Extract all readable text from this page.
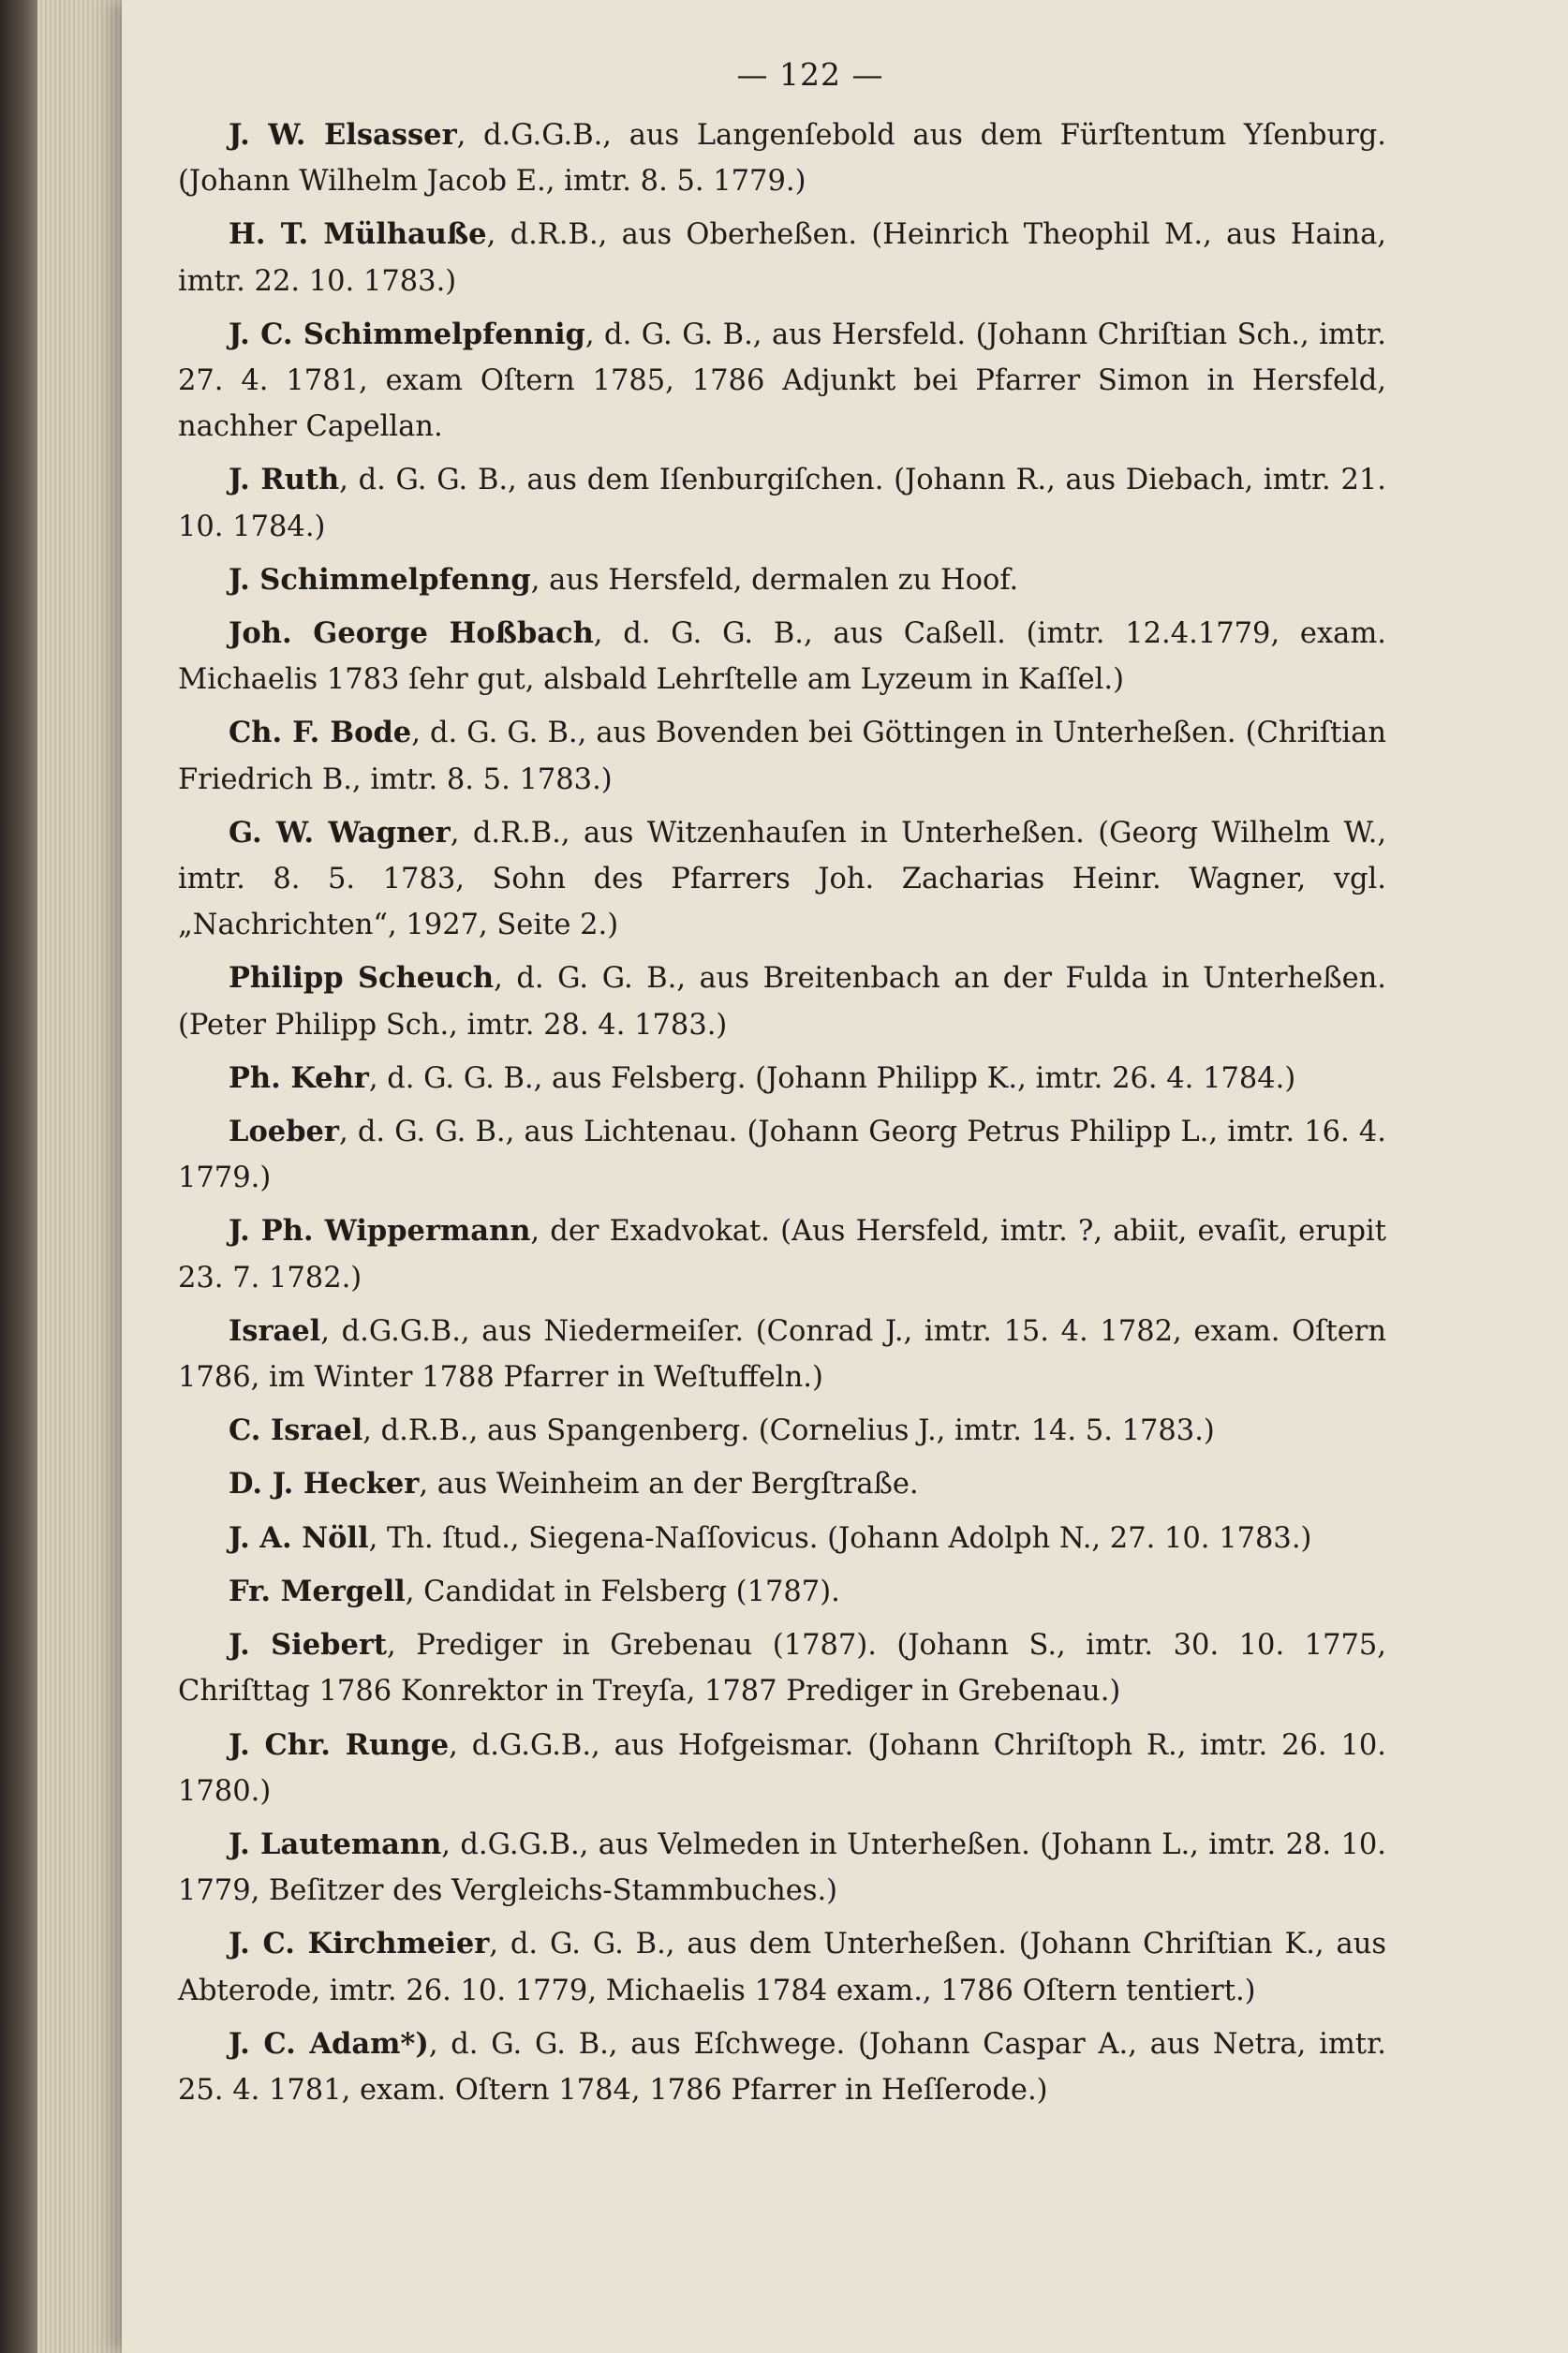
— 122 —

J. W. Elsasser, d.G.G.B., aus Langenſebold aus dem Fürſtentum Yſenburg. (Johann Wilhelm Jacob E., imtr. 8. 5. 1779.)

H. T. Mülhauße, d.R.B., aus Oberheßen. (Heinrich Theophil M., aus Haina, imtr. 22. 10. 1783.)

J. C. Schimmelpfennig, d. G. G. B., aus Hersfeld. (Johann Chriſtian Sch., imtr. 27. 4. 1781, exam Oſtern 1785, 1786 Adjunkt bei Pfarrer Simon in Hersfeld, nachher Capellan.

J. Ruth, d. G. G. B., aus dem Iſenburgiſchen. (Johann R., aus Diebach, imtr. 21. 10. 1784.)

J. Schimmelpfenng, aus Hersfeld, dermalen zu Hoof.

Joh. George Hoßbach, d. G. G. B., aus Caßell. (imtr. 12.4.1779, exam. Michaelis 1783 ſehr gut, alsbald Lehrſtelle am Lyzeum in Kaſſel.)

Ch. F. Bode, d. G. G. B., aus Bovenden bei Göttingen in Unterheßen. (Chriſtian Friedrich B., imtr. 8. 5. 1783.)

G. W. Wagner, d.R.B., aus Witzenhauſen in Unterheßen. (Georg Wilhelm W., imtr. 8. 5. 1783, Sohn des Pfarrers Joh. Zacharias Heinr. Wagner, vgl. „Nachrichten“, 1927, Seite 2.)

Philipp Scheuch, d. G. G. B., aus Breitenbach an der Fulda in Unterheßen. (Peter Philipp Sch., imtr. 28. 4. 1783.)

Ph. Kehr, d. G. G. B., aus Felsberg. (Johann Philipp K., imtr. 26. 4. 1784.)

Loeber, d. G. G. B., aus Lichtenau. (Johann Georg Petrus Philipp L., imtr. 16. 4. 1779.)

J. Ph. Wippermann, der Exadvokat. (Aus Hersfeld, imtr. ?, abiit, evaſit, erupit 23. 7. 1782.)

Israel, d.G.G.B., aus Niedermeiſer. (Conrad J., imtr. 15. 4. 1782, exam. Oſtern 1786, im Winter 1788 Pfarrer in Weſtuffeln.)

C. Israel, d.R.B., aus Spangenberg. (Cornelius J., imtr. 14. 5. 1783.)

D. J. Hecker, aus Weinheim an der Bergſtraße.

J. A. Nöll, Th. ſtud., Siegena-Naſſovicus. (Johann Adolph N., 27. 10. 1783.)

Fr. Mergell, Candidat in Felsberg (1787).

J. Siebert, Prediger in Grebenau (1787). (Johann S., imtr. 30. 10. 1775, Chriſttag 1786 Konrektor in Treyſa, 1787 Prediger in Grebenau.)

J. Chr. Runge, d.G.G.B., aus Hofgeismar. (Johann Chriſtoph R., imtr. 26. 10. 1780.)

J. Lautemann, d.G.G.B., aus Velmeden in Unterheßen. (Johann L., imtr. 28. 10. 1779, Beſitzer des Vergleichs-Stammbuches.)

J. C. Kirchmeier, d. G. G. B., aus dem Unterheßen. (Johann Chriſtian K., aus Abterode, imtr. 26. 10. 1779, Michaelis 1784 exam., 1786 Oſtern tentiert.)

J. C. Adam*), d. G. G. B., aus Eſchwege. (Johann Caspar A., aus Netra, imtr. 25. 4. 1781, exam. Oſtern 1784, 1786 Pfarrer in Heſſerode.)
